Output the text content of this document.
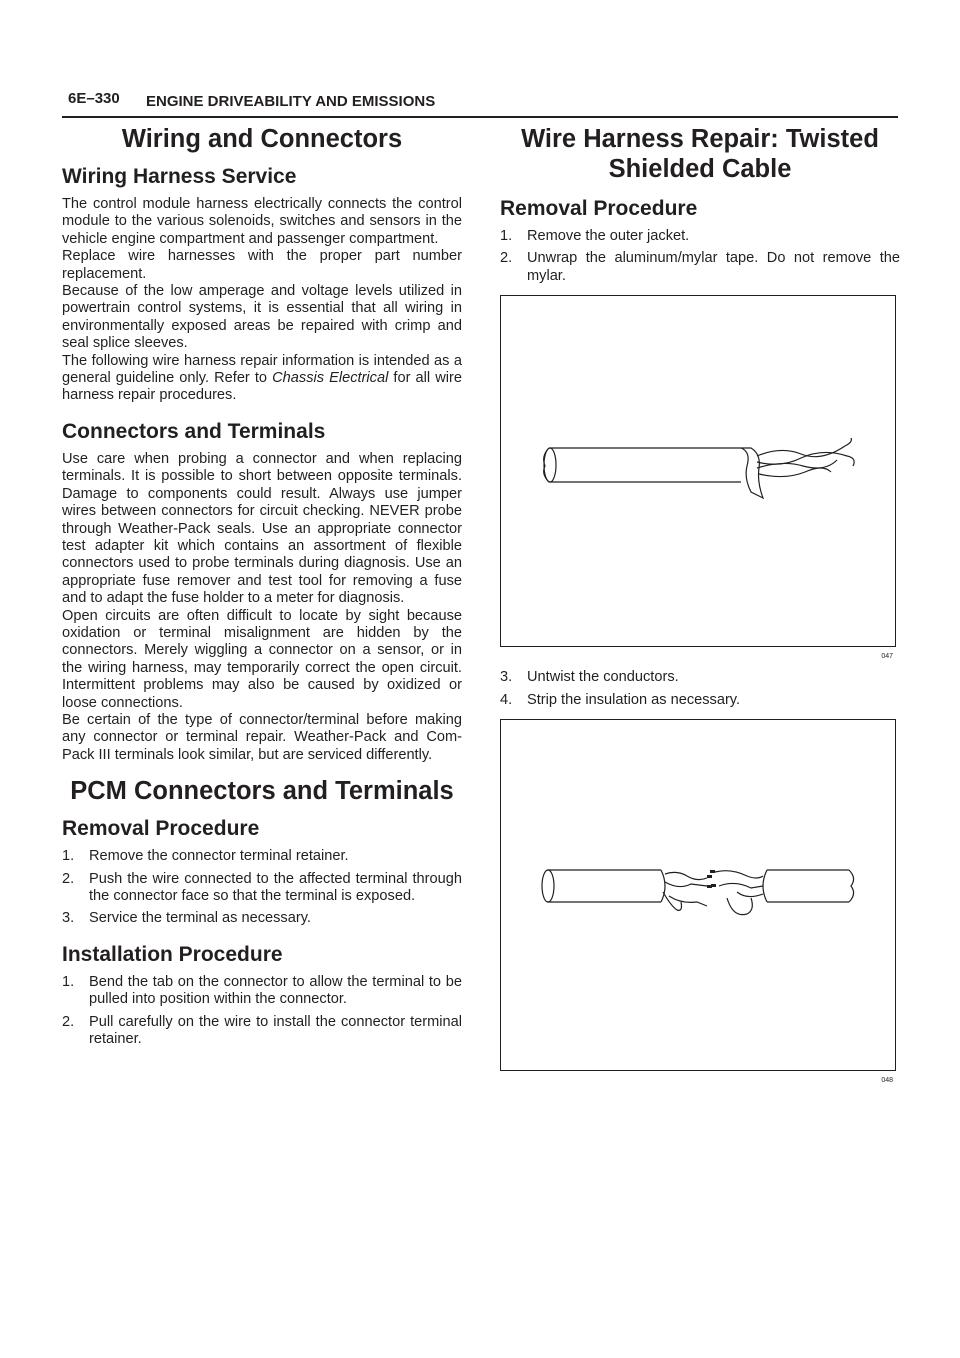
6E–330 ENGINE DRIVEABILITY AND EMISSIONS
Wiring and Connectors
Wiring Harness Service

The control module harness electrically connects the control module to the various solenoids, switches and sensors in the vehicle engine compartment and passenger compartment.

Replace wire harnesses with the proper part number replacement.

Because of the low amperage and voltage levels utilized in powertrain control systems, it is essential that all wiring in environmentally exposed areas be repaired with crimp and seal splice sleeves.

The following wire harness repair information is intended as a general guideline only. Refer to Chassis Electrical for all wire harness repair procedures.

Connectors and Terminals

Use care when probing a connector and when replacing terminals. It is possible to short between opposite terminals. Damage to components could result. Always use jumper wires between connectors for circuit checking. NEVER probe through Weather-Pack seals. Use an appropriate connector test adapter kit which contains an assortment of flexible connectors used to probe terminals during diagnosis. Use an appropriate fuse remover and test tool for removing a fuse and to adapt the fuse holder to a meter for diagnosis.

Open circuits are often difficult to locate by sight because oxidation or terminal misalignment are hidden by the connectors. Merely wiggling a connector on a sensor, or in the wiring harness, may temporarily correct the open circuit. Intermittent problems may also be caused by oxidized or loose connections.

Be certain of the type of connector/terminal before making any connector or terminal repair. Weather-Pack and Com-Pack III terminals look similar, but are serviced differently.

PCM Connectors and Terminals
Removal Procedure
1. Remove the connector terminal retainer.
2. Push the wire connected to the affected terminal through the connector face so that the terminal is exposed.
3. Service the terminal as necessary.
Installation Procedure
1. Bend the tab on the connector to allow the terminal to be pulled into position within the connector.
2. Pull carefully on the wire to install the connector terminal retainer.
Wire Harness Repair: Twisted Shielded Cable
Removal Procedure
1. Remove the outer jacket.
2. Unwrap the aluminum/mylar tape. Do not remove the mylar.
047
3. Untwist the conductors.
4. Strip the insulation as necessary.
048
